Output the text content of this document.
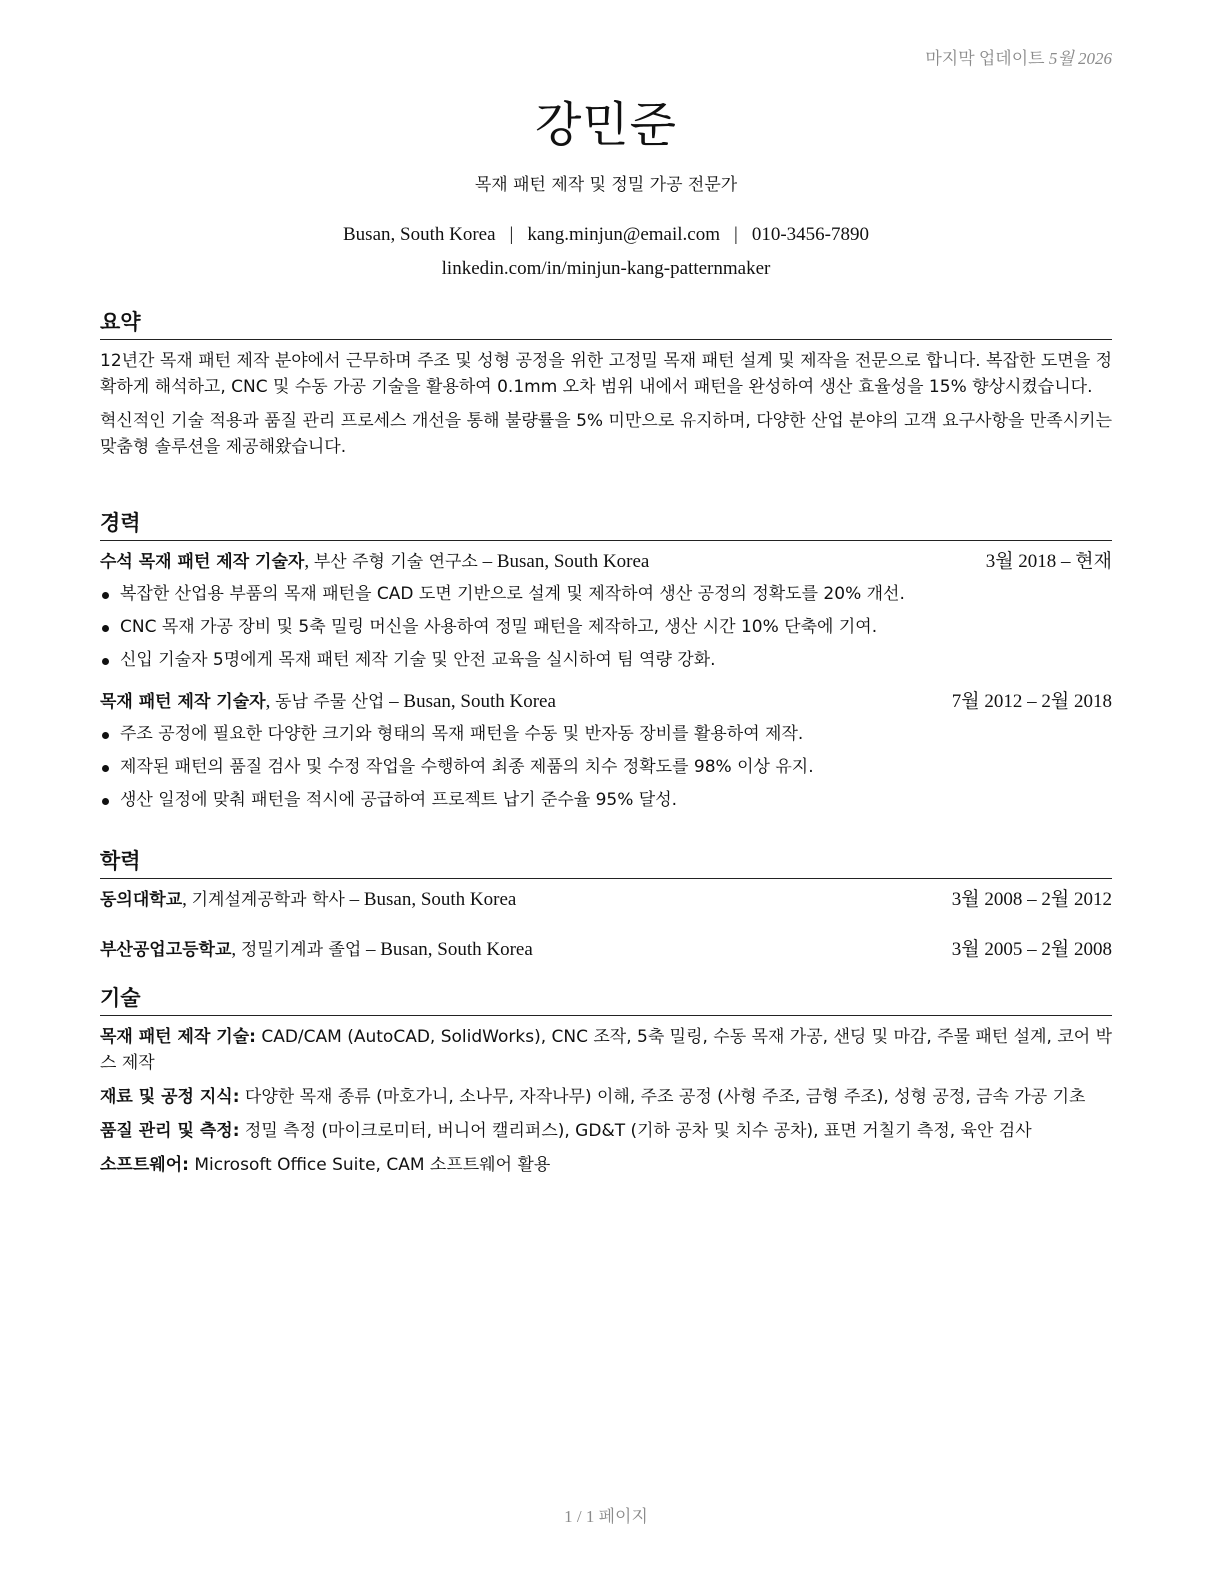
마지막 업데이트 5월 2026
강민준
목재 패턴 제작 및 정밀 가공 전문가
Busan, South Korea | kang.minjun@email.com | 010-3456-7890
linkedin.com/in/minjun-kang-patternmaker
요약

12년간 목재 패턴 제작 분야에서 근무하며 주조 및 성형 공정을 위한 고정밀 목재 패턴 설계 및 제작을 전문으로 합니다. 복잡한 도면을 정확하게 해석하고, CNC 및 수동 가공 기술을 활용하여 0.1mm 오차 범위 내에서 패턴을 완성하여 생산 효율성을 15% 향상시켰습니다.

혁신적인 기술 적용과 품질 관리 프로세스 개선을 통해 불량률을 5% 미만으로 유지하며, 다양한 산업 분야의 고객 요구사항을 만족시키는 맞춤형 솔루션을 제공해왔습니다.

경력
수석 목재 패턴 제작 기술자, 부산 주형 기술 연구소 – Busan, South Korea	3월 2018 – 현재
복잡한 산업용 부품의 목재 패턴을 CAD 도면 기반으로 설계 및 제작하여 생산 공정의 정확도를 20% 개선.
CNC 목재 가공 장비 및 5축 밀링 머신을 사용하여 정밀 패턴을 제작하고, 생산 시간 10% 단축에 기여.
신입 기술자 5명에게 목재 패턴 제작 기술 및 안전 교육을 실시하여 팀 역량 강화.
목재 패턴 제작 기술자, 동남 주물 산업 – Busan, South Korea	7월 2012 – 2월 2018
주조 공정에 필요한 다양한 크기와 형태의 목재 패턴을 수동 및 반자동 장비를 활용하여 제작.
제작된 패턴의 품질 검사 및 수정 작업을 수행하여 최종 제품의 치수 정확도를 98% 이상 유지.
생산 일정에 맞춰 패턴을 적시에 공급하여 프로젝트 납기 준수율 95% 달성.
학력
동의대학교, 기계설계공학과 학사 – Busan, South Korea	3월 2008 – 2월 2012
부산공업고등학교, 정밀기계과 졸업 – Busan, South Korea	3월 2005 – 2월 2008
기술

목재 패턴 제작 기술: CAD/CAM (AutoCAD, SolidWorks), CNC 조작, 5축 밀링, 수동 목재 가공, 샌딩 및 마감, 주물 패턴 설계, 코어 박스 제작

재료 및 공정 지식: 다양한 목재 종류 (마호가니, 소나무, 자작나무) 이해, 주조 공정 (사형 주조, 금형 주조), 성형 공정, 금속 가공 기초

품질 관리 및 측정: 정밀 측정 (마이크로미터, 버니어 캘리퍼스), GD&T (기하 공차 및 치수 공차), 표면 거칠기 측정, 육안 검사

소프트웨어: Microsoft Office Suite, CAM 소프트웨어 활용

1 / 1 페이지
